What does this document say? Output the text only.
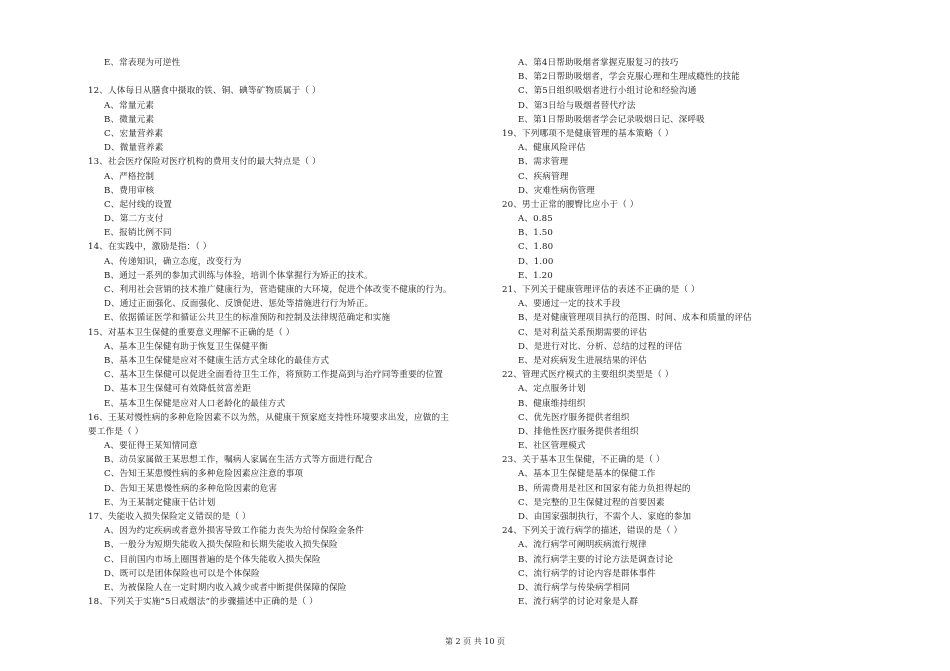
E、常表现为可逆性
12、人体每日从膳食中摄取的铁、铜、碘等矿物质属于（ ）
A、常量元素
B、微量元素
C、宏量营养素
D、微量营养素
13、社会医疗保险对医疗机构的费用支付的最大特点是（ ）
A、严格控制
B、费用审核
C、起付线的设置
D、第二方支付
E、报销比例不同
14、在实践中，激励是指：（ ）
A、传递知识，确立态度，改变行为
B、通过一系列的参加式训练与体验，培训个体掌握行为矫正的技术。
C、利用社会营销的技术推广健康行为，营造健康的大环境，促进个体改变不健康的行为。
D、通过正面强化、反面强化、反馈促进、惩处等措施进行行为矫正。
E、依据循证医学和循证公共卫生的标准预防和控制及法律规范确定和实施
15、对基本卫生保健的重要意义理解不正确的是（ ）
A、基本卫生保健有助于恢复卫生保健平衡
B、基本卫生保健是应对不健康生活方式全球化的最佳方式
C、基本卫生保健可以促进全面看待卫生工作，将预防工作提高到与治疗同等重要的位置
D、基本卫生保健可有效降低贫富差距
E、基本卫生保健是应对人口老龄化的最佳方式
16、王某对慢性病的多种危险因素不以为然，从健康干预家庭支持性环境要求出发，应做的主
要工作是（ ）
A、要征得王某知情同意
B、动员家属做王某思想工作，嘱病人家属在生活方式等方面进行配合
C、告知王某患慢性病的多种危险因素应注意的事项
D、告知王某患慢性病的多种危险因素的危害
E、为王某制定健康干估计划
17、失能收入损失保险定义错误的是（ ）
A、因为约定疾病或者意外损害导致工作能力丧失为给付保险金条件
B、一般分为短期失能收入损失保险和长期失能收入损失保险
C、目前国内市场上圈围普遍的是个体失能收入损失保险
D、既可以是团体保险也可以是个体保险
E、为被保险人在一定时期内收入减少或者中断提供保障的保险
18、下列关于实施“5日戒烟法”的步骤描述中正确的是（ ）
A、第4日帮助吸烟者掌握克服复习的技巧
B、第2日帮助吸烟者，学会克服心理和生理成瘾性的技能
C、第5日组织吸烟者进行小组讨论和经验沟通
D、第3日给与吸烟者替代疗法
E、第1日帮助吸烟者学会记录吸烟日记、深呼吸
19、下列哪项不是健康管理的基本策略（ ）
A、健康风险评估
B、需求管理
C、疾病管理
D、灾难性病伤管理
20、男士正常的腰臀比应小于（ ）
A、0.85
B、1.50
C、1.80
D、1.00
E、1.20
21、下列关于健康管理评估的表述不正确的是（ ）
A、要通过一定的技术手段
B、是对健康管理项目执行的范围、时间、成本和质量的评估
C、是对利益关系预期需要的评估
D、是进行对比、分析、总结的过程的评估
E、是对疾病发生进展结果的评估
22、管理式医疗模式的主要组织类型是（ ）
A、定点服务计划
B、健康维持组织
C、优先医疗服务提供者组织
D、排他性医疗服务提供者组织
E、社区管理模式
23、关于基本卫生保健，不正确的是（ ）
A、基本卫生保健是基本的保健工作
B、所需费用是社区和国家有能力负担得起的
C、是完整的卫生保健过程的首要因素
D、由国家强制执行，不需个人、家庭的参加
24、下列关于流行病学的描述，错误的是（ ）
A、流行病学可阐明疾病流行规律
B、流行病学主要的讨论方法是调查讨论
C、流行病学的讨论内容是群体事件
D、流行病学与传染病学相同
E、流行病学的讨论对象是人群
第 2 页 共 10 页
